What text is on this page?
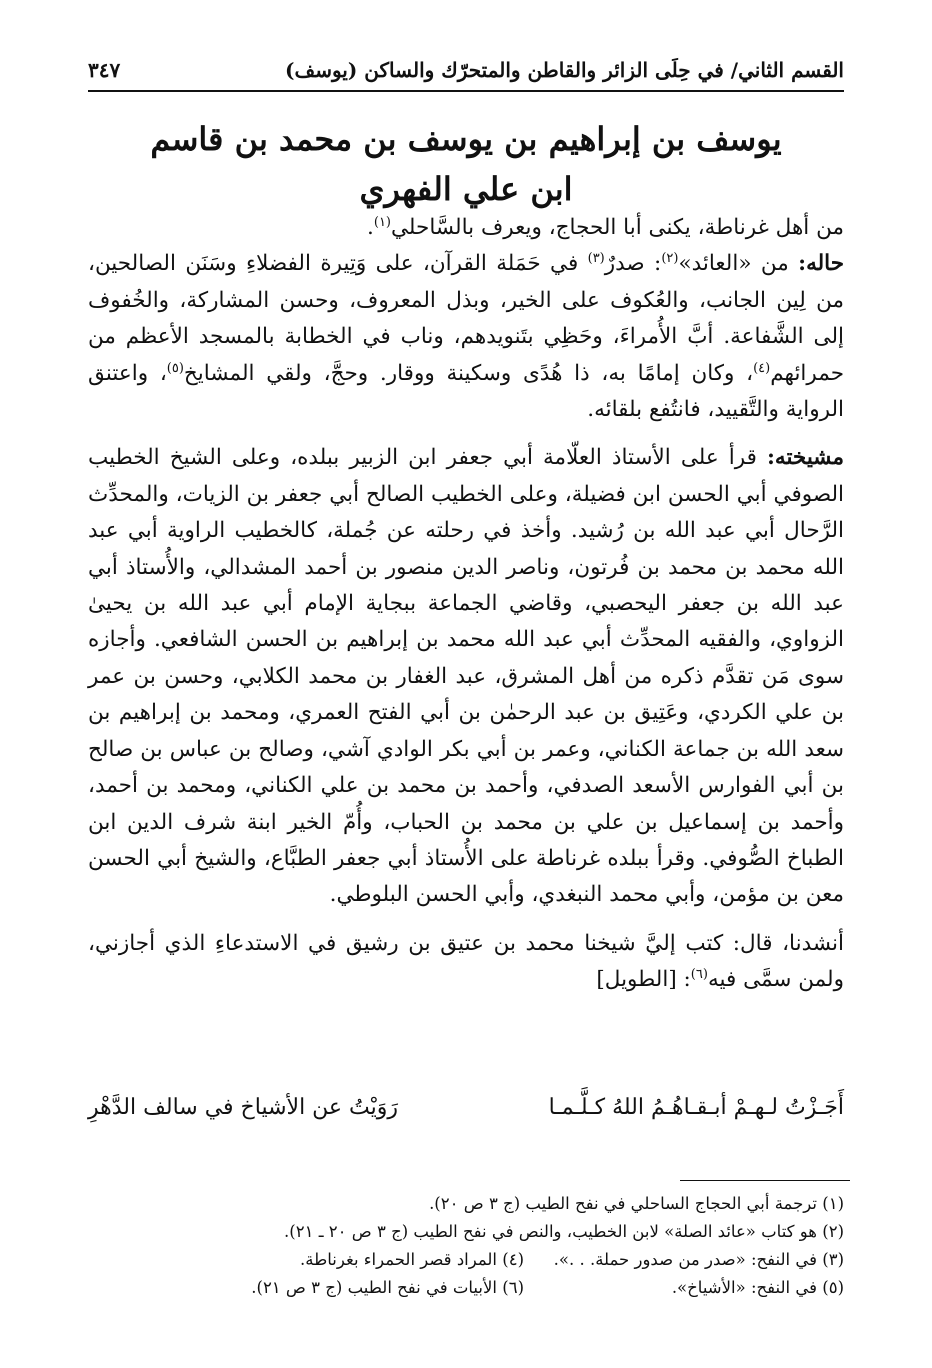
القسم الثاني/ في حِلَى الزائر والقاطن والمتحرّك والساكن (يوسف)
٣٤٧
يوسف بن إبراهيم بن يوسف بن محمد بن قاسم
ابن علي الفهري

من أهل غرناطة، يكنى أبا الحجاج، ويعرف بالسَّاحلي$^{(١)}$.

حاله: من «العائد»$^{(٢)}$: صدرٌ$^{(٣)}$ في حَمَلة القرآن، على وَتِيرة الفضلاءِ وسَنَن الصالحين، من لِين الجانب، والعُكوف على الخير، وبذل المعروف، وحسن المشاركة، والخُفوف إلى الشَّفاعة. أبَّ الأُمراءَ، وحَظِي بتَنويدهم، وناب في الخطابة بالمسجد الأعظم من حمرائهم$^{(٤)}$، وكان إمامًا به، ذا هُدًى وسكينة ووقار. وحجَّ، ولقي المشايخ$^{(٥)}$، واعتنق الرواية والتَّقييد، فانتُفع بلقائه.

مشيخته: قرأ على الأستاذ العلّامة أبي جعفر ابن الزبير ببلده، وعلى الشيخ الخطيب الصوفي أبي الحسن ابن فضيلة، وعلى الخطيب الصالح أبي جعفر بن الزيات، والمحدِّث الرَّحال أبي عبد الله بن رُشيد. وأخذ في رحلته عن جُملة، كالخطيب الراوية أبي عبد الله محمد بن محمد بن فُرتون، وناصر الدين منصور بن أحمد المشدالي، والأُستاذ أبي عبد الله بن جعفر اليحصبي، وقاضي الجماعة ببجاية الإمام أبي عبد الله بن يحيىٰ الزواوي، والفقيه المحدِّث أبي عبد الله محمد بن إبراهيم بن الحسن الشافعي. وأجازه سوى مَن تقدَّم ذكره من أهل المشرق، عبد الغفار بن محمد الكلابي، وحسن بن عمر بن علي الكردي، وعَتِيق بن عبد الرحمٰن بن أبي الفتح العمري، ومحمد بن إبراهيم بن سعد الله بن جماعة الكناني، وعمر بن أبي بكر الوادي آشي، وصالح بن عباس بن صالح بن أبي الفوارس الأسعد الصدفي، وأحمد بن محمد بن علي الكناني، ومحمد بن أحمد، وأحمد بن إسماعيل بن علي بن محمد بن الحباب، وأُمّ الخير ابنة شرف الدين ابن الطباخ الصُّوفي. وقرأ ببلده غرناطة على الأُستاذ أبي جعفر الطبَّاع، والشيخ أبي الحسن معن بن مؤمن، وأبي محمد النبغدي، وأبي الحسن البلوطي.

أنشدنا، قال: كتب إليَّ شيخنا محمد بن عتيق بن رشيق في الاستدعاءِ الذي أجازني، ولمن سمَّى فيه$^{(٦)}$: [الطويل]

أَجَـزْتُ لـهـمْ أبـقـاهُـمُ اللهُ كـلَّـمـا
رَوَيْتُ عن الأشياخ في سالف الدَّهْرِ
(١) ترجمة أبي الحجاج الساحلي في نفح الطيب (ج ٣ ص ٢٠).
(٢) هو كتاب «عائد الصلة» لابن الخطيب، والنص في نفح الطيب (ج ٣ ص ٢٠ ـ ٢١).
(٣) في النفح: «صدر من صدور حملة. . .».
(٤) المراد قصر الحمراء بغرناطة.
(٥) في النفح: «الأشياخ».
(٦) الأبيات في نفح الطيب (ج ٣ ص ٢١).
